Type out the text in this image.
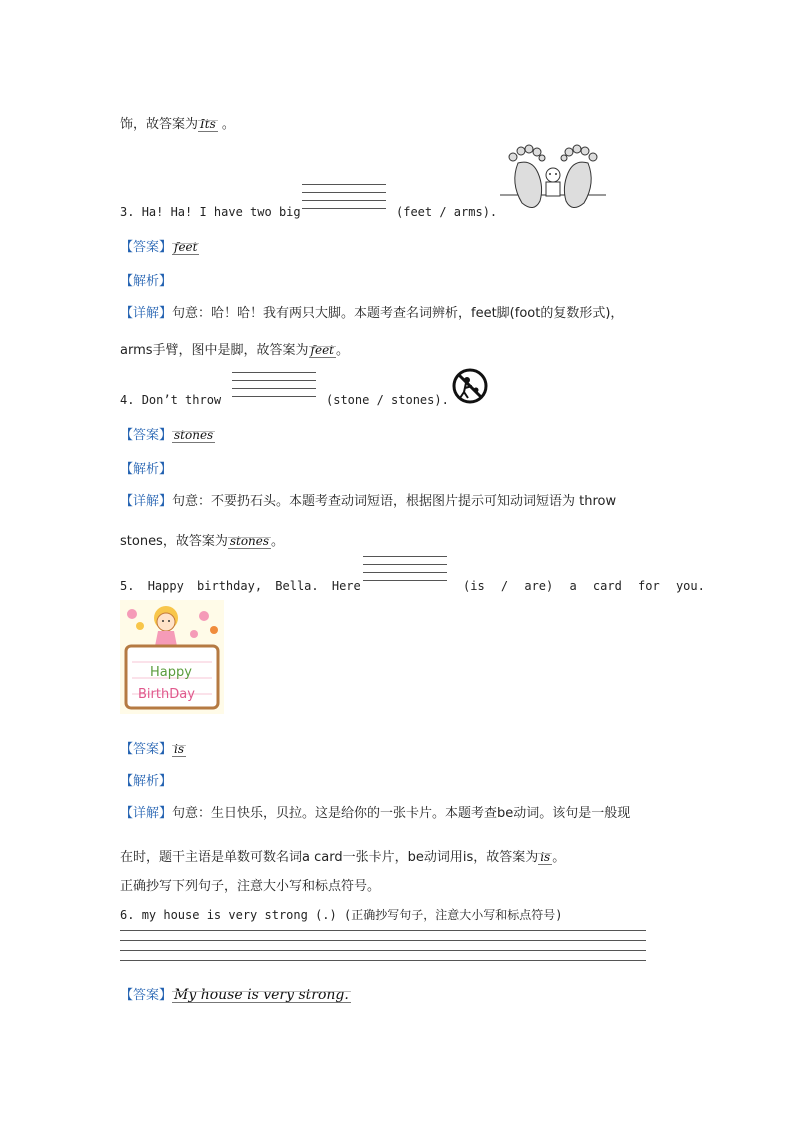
饰，故答案为 Its 。
3. Ha! Ha! I have two big	(feet / arms).
【答案】 feet
【解析】
【详解】句意：哈！哈！我有两只大脚。本题考查名词辨析，feet脚(foot的复数形式)，
arms手臂，图中是脚，故答案为 feet 。
4. Don’t throw	(stone / stones).
【答案】 stones
【解析】
【详解】句意：不要扔石头。本题考查动词短语，根据图片提示可知动词短语为 throw
stones，故答案为 stones 。
5. Happy birthday, Bella. Here	(is / are) a card for you.
Happy
BirthDay
【答案】 is
【解析】
【详解】句意：生日快乐，贝拉。这是给你的一张卡片。本题考查be动词。该句是一般现
在时，题干主语是单数可数名词a card一张卡片，be动词用is，故答案为 is 。
正确抄写下列句子，注意大小写和标点符号。
6. my house is very strong (.) (正确抄写句子，注意大小写和标点符号)
【答案】 My house is very strong.
